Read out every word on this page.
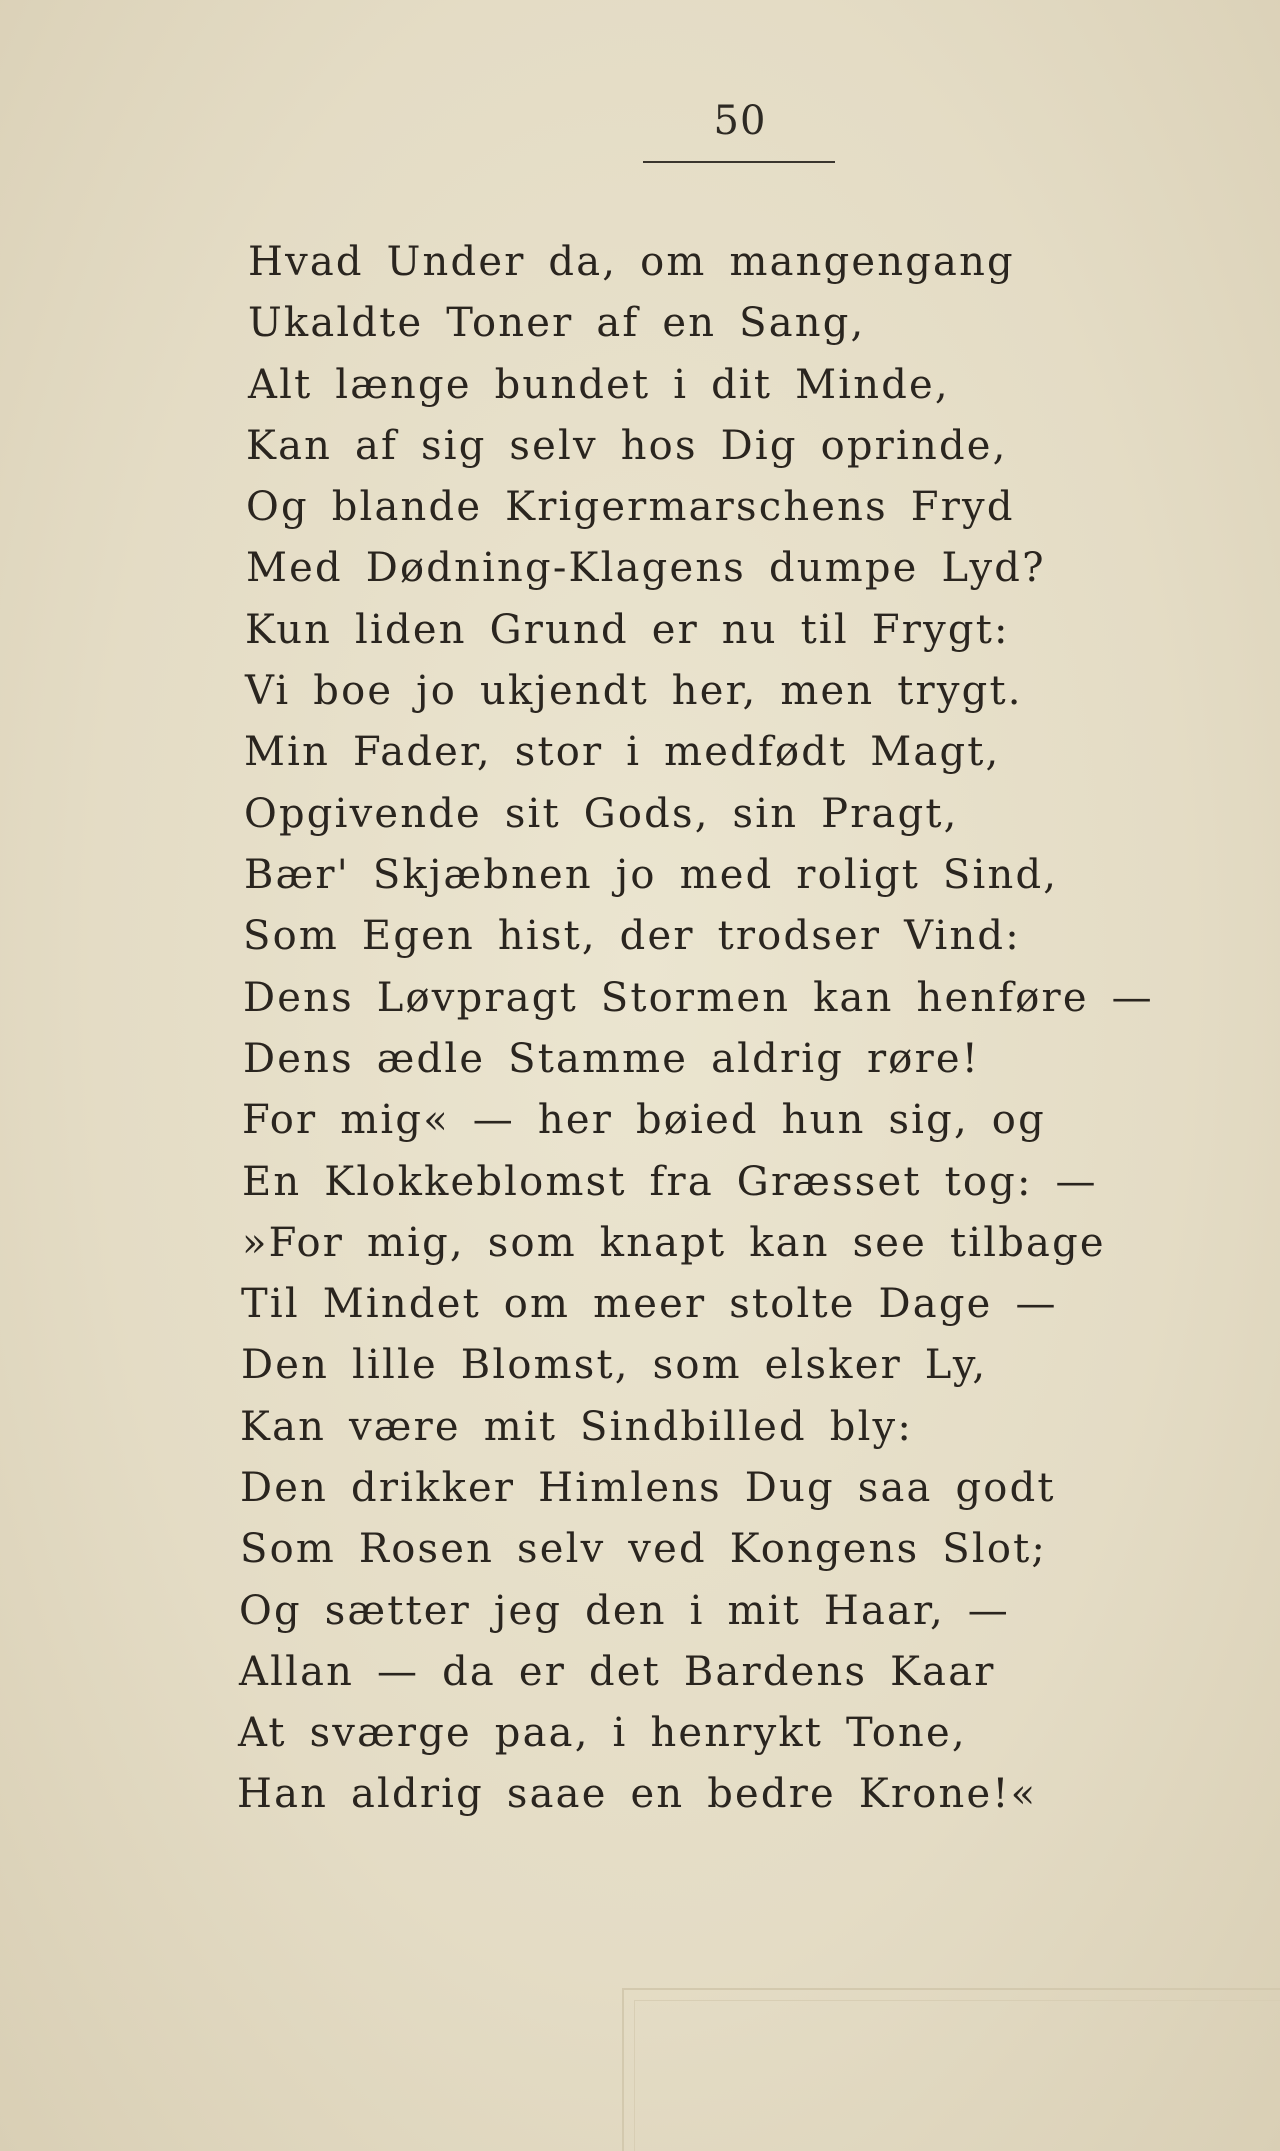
50
Hvad Under da, om mangengang
Ukaldte Toner af en Sang,
Alt længe bundet i dit Minde,
Kan af sig selv hos Dig oprinde,
Og blande Krigermarschens Fryd
Med Dødning-Klagens dumpe Lyd?
Kun liden Grund er nu til Frygt:
Vi boe jo ukjendt her, men trygt.
Min Fader, stor i medfødt Magt,
Opgivende sit Gods, sin Pragt,
Bær' Skjæbnen jo med roligt Sind,
Som Egen hist, der trodser Vind:
Dens Løvpragt Stormen kan henføre —
Dens ædle Stamme aldrig røre!
For mig« — her bøied hun sig, og
En Klokkeblomst fra Græsset tog: —
»For mig, som knapt kan see tilbage
Til Mindet om meer stolte Dage —
Den lille Blomst, som elsker Ly,
Kan være mit Sindbilled bly:
Den drikker Himlens Dug saa godt
Som Rosen selv ved Kongens Slot;
Og sætter jeg den i mit Haar, —
Allan — da er det Bardens Kaar
At sværge paa, i henrykt Tone,
Han aldrig saae en bedre Krone!«
